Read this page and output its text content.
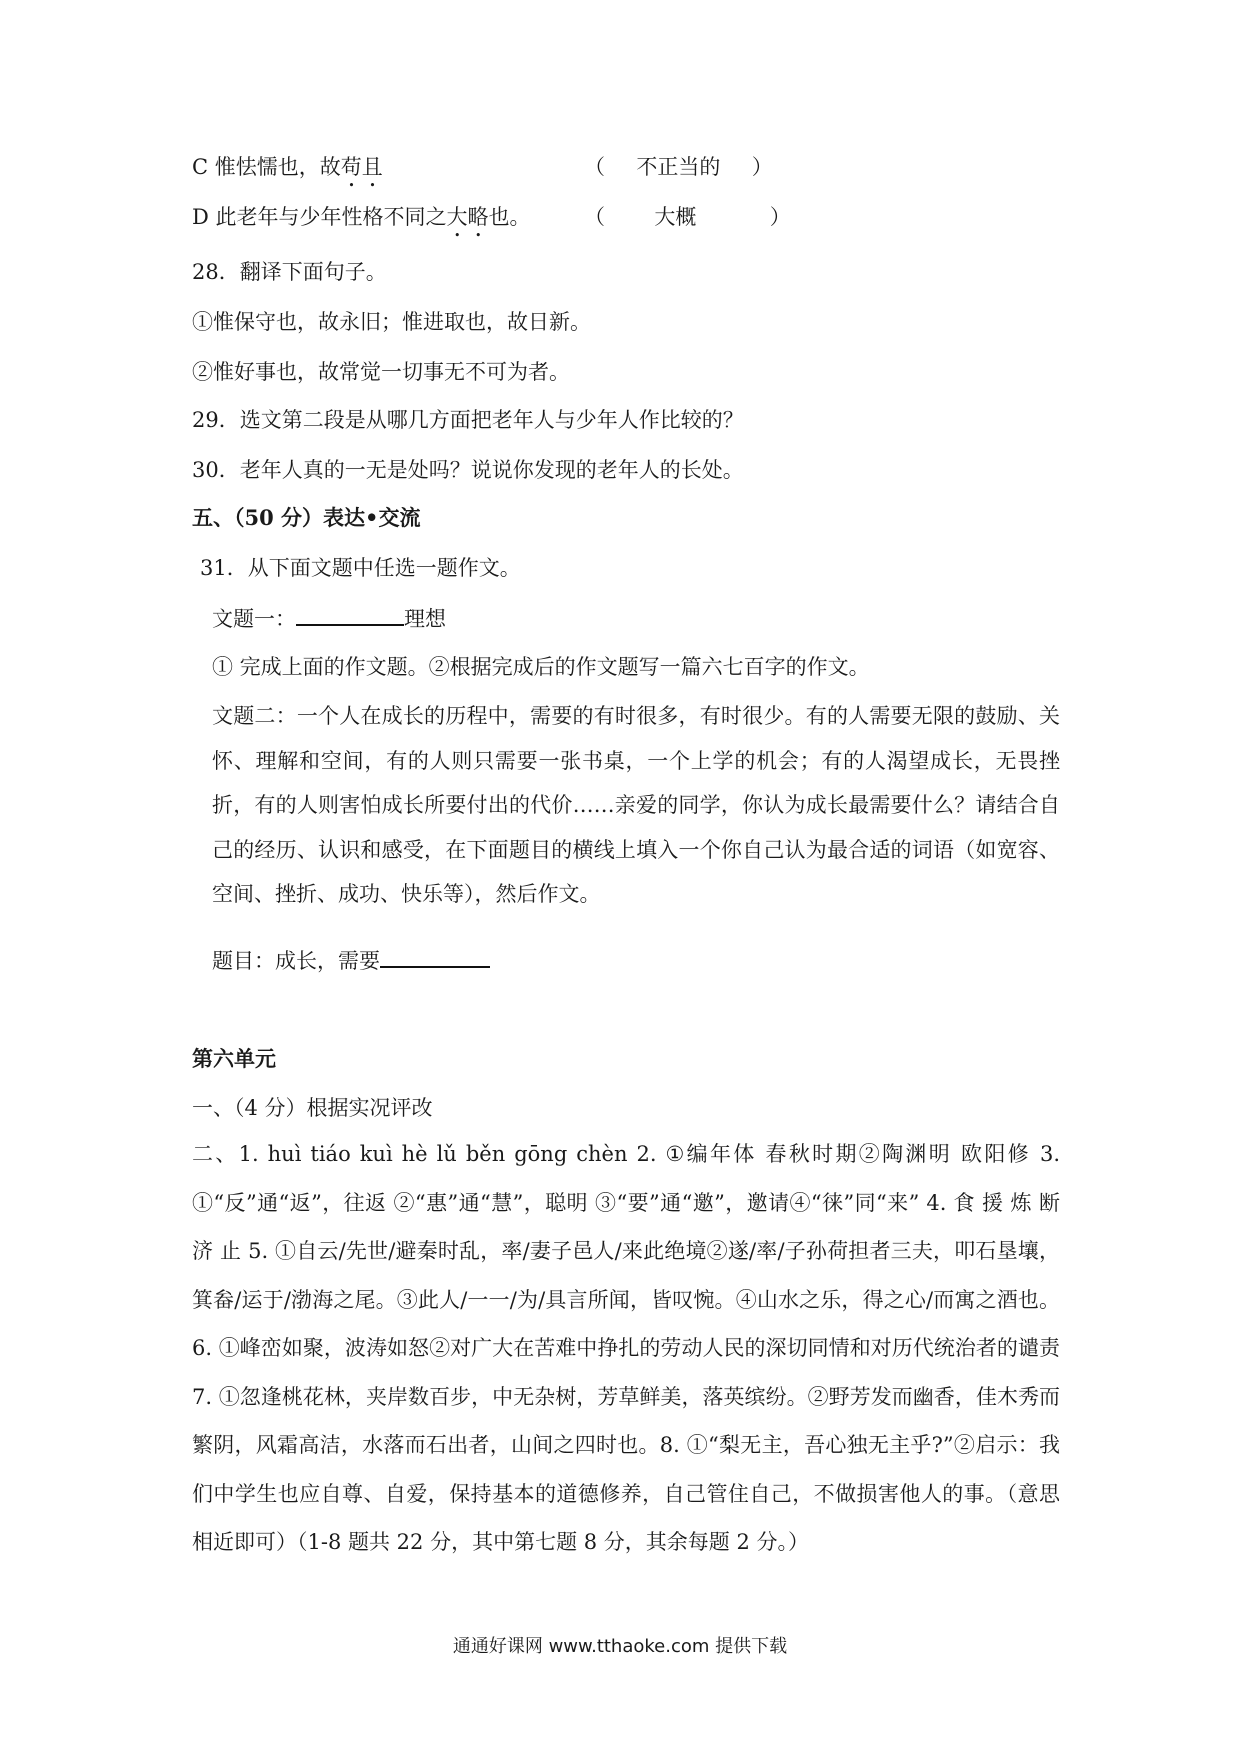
C 惟怯懦也，故苟且	（ 不正当的 ）
D 此老年与少年性格不同之大略也。	（ 大概	）
28．翻译下面句子。
①惟保守也，故永旧；惟进取也，故日新。
②惟好事也，故常觉一切事无不可为者。
29．选文第二段是从哪几方面把老年人与少年人作比较的？
30．老年人真的一无是处吗？说说你发现的老年人的长处。
五、（50 分）表达•交流
31．从下面文题中任选一题作文。
文题一：	理想
① 完成上面的作文题。②根据完成后的作文题写一篇六七百字的作文。
文题二：一个人在成长的历程中，需要的有时很多，有时很少。有的人需要无限的鼓励、关怀、理解和空间，有的人则只需要一张书桌，一个上学的机会；有的人渴望成长，无畏挫折，有的人则害怕成长所要付出的代价……亲爱的同学，你认为成长最需要什么？请结合自己的经历、认识和感受，在下面题目的横线上填入一个你自己认为最合适的词语（如宽容、空间、挫折、成功、快乐等），然后作文。
题目：成长，需要
第六单元
一、（4 分）根据实况评改
二、1. huì tiáo kuì hè lǔ běn gōng chèn 2. ①编年体 春秋时期②陶渊明 欧阳修 3. ①“反”通“返”，往返 ②“惠”通“慧”，聪明 ③“要”通“邀”，邀请④“徕”同“来” 4. 食 援 炼 断 济 止 5. ①自云/先世/避秦时乱，率/妻子邑人/来此绝境②遂/率/子孙荷担者三夫，叩石垦壤，箕畚/运于/渤海之尾。③此人/一一/为/具言所闻，皆叹惋。④山水之乐，得之心/而寓之酒也。6. ①峰峦如聚，波涛如怒②对广大在苦难中挣扎的劳动人民的深切同情和对历代统治者的谴责 7. ①忽逢桃花林，夹岸数百步，中无杂树，芳草鲜美，落英缤纷。②野芳发而幽香，佳木秀而繁阴，风霜高洁，水落而石出者，山间之四时也。8. ①“梨无主，吾心独无主乎?”②启示：我们中学生也应自尊、自爱，保持基本的道德修养，自己管住自己，不做损害他人的事。（意思相近即可）（1-8 题共 22 分，其中第七题 8 分，其余每题 2 分。）
通通好课网 www.tthaoke.com 提供下载
